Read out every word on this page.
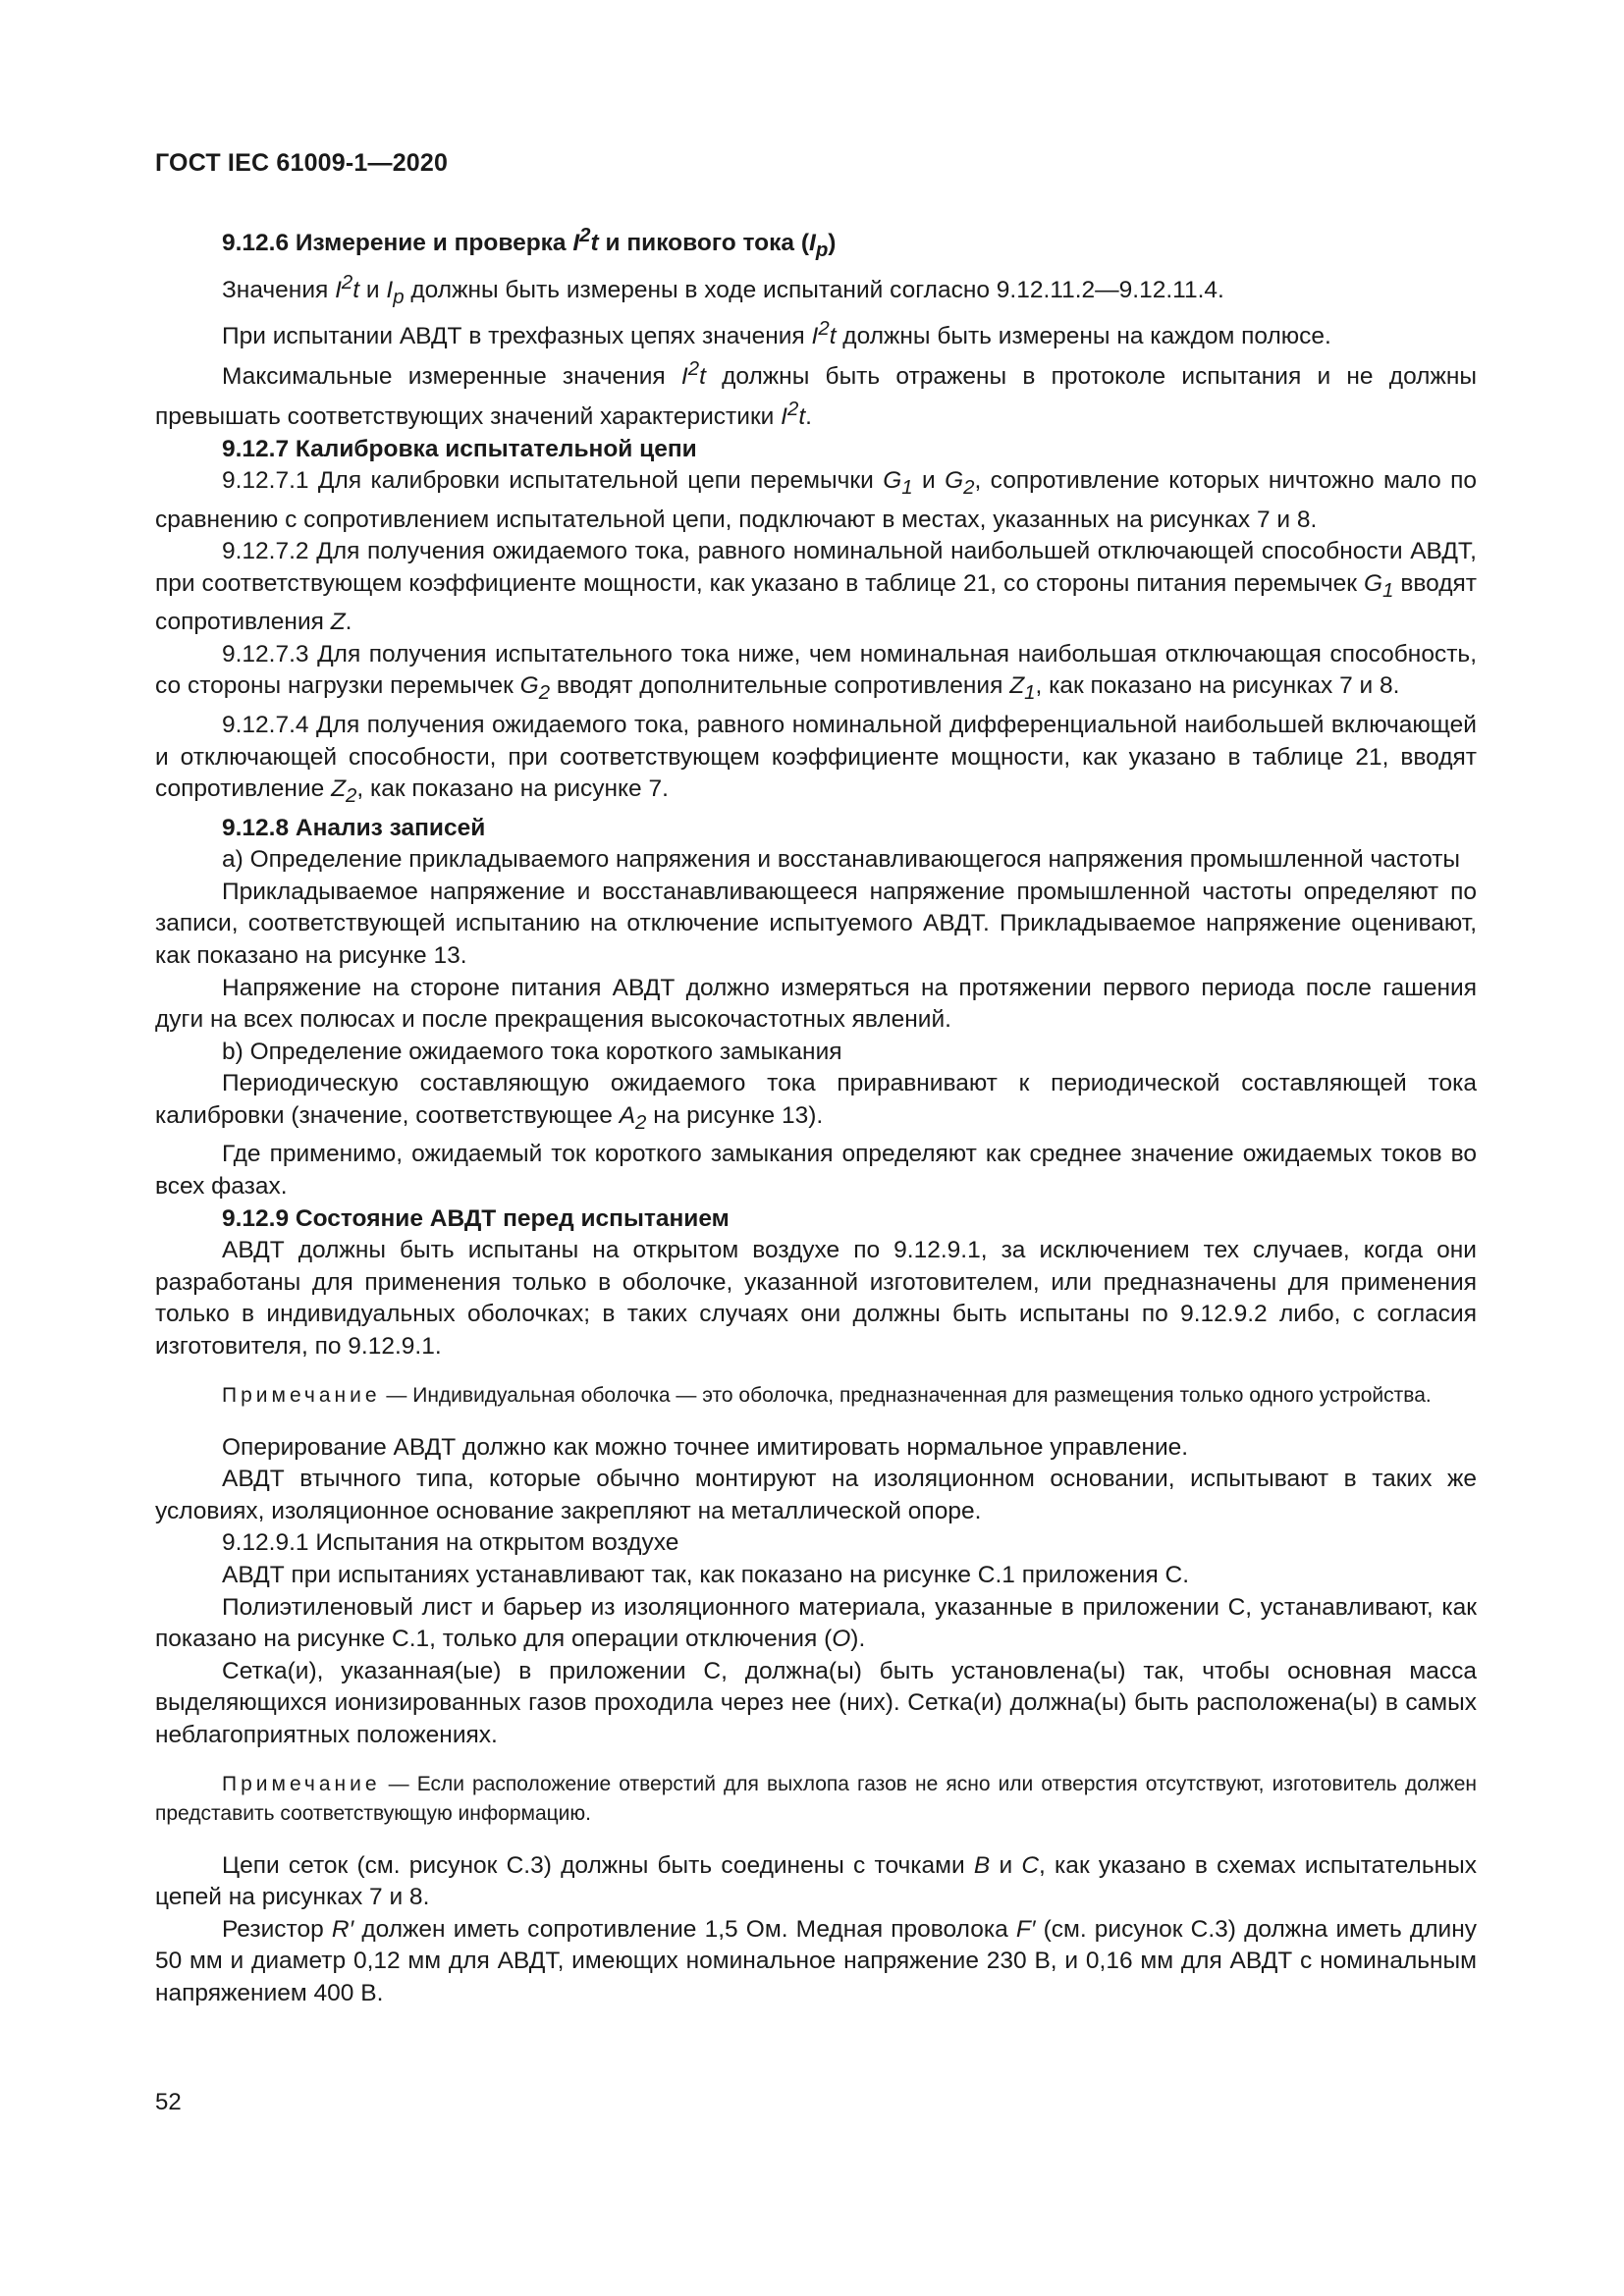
ГОСТ IEC 61009-1—2020

9.12.6 Измерение и проверка $I^2t$ и пикового тока $(I_p)$

Значения $I^2t$ и $I_p$ должны быть измерены в ходе испытаний согласно 9.12.11.2—9.12.11.4.

При испытании АВДТ в трехфазных цепях значения $I^2t$ должны быть измерены на каждом полюсе.

Максимальные измеренные значения $I^2t$ должны быть отражены в протоколе испытания и не должны превышать соответствующих значений характеристики $I^2t$.

9.12.7 Калибровка испытательной цепи

9.12.7.1 Для калибровки испытательной цепи перемычки $G_1$ и $G_2$, сопротивление которых ничтожно мало по сравнению с сопротивлением испытательной цепи, подключают в местах, указанных на рисунках 7 и 8.

9.12.7.2 Для получения ожидаемого тока, равного номинальной наибольшей отключающей способности АВДТ, при соответствующем коэффициенте мощности, как указано в таблице 21, со стороны питания перемычек $G_1$ вводят сопротивления Z.

9.12.7.3 Для получения испытательного тока ниже, чем номинальная наибольшая отключающая способность, со стороны нагрузки перемычек $G_2$ вводят дополнительные сопротивления $Z_1$, как показано на рисунках 7 и 8.

9.12.7.4 Для получения ожидаемого тока, равного номинальной дифференциальной наибольшей включающей и отключающей способности, при соответствующем коэффициенте мощности, как указано в таблице 21, вводят сопротивление $Z_2$, как показано на рисунке 7.

9.12.8 Анализ записей

a) Определение прикладываемого напряжения и восстанавливающегося напряжения промышленной частоты

Прикладываемое напряжение и восстанавливающееся напряжение промышленной частоты определяют по записи, соответствующей испытанию на отключение испытуемого АВДТ. Прикладываемое напряжение оценивают, как показано на рисунке 13.

Напряжение на стороне питания АВДТ должно измеряться на протяжении первого периода после гашения дуги на всех полюсах и после прекращения высокочастотных явлений.

b) Определение ожидаемого тока короткого замыкания

Периодическую составляющую ожидаемого тока приравнивают к периодической составляющей тока калибровки (значение, соответствующее $A_2$ на рисунке 13).

Где применимо, ожидаемый ток короткого замыкания определяют как среднее значение ожидаемых токов во всех фазах.

9.12.9 Состояние АВДТ перед испытанием

АВДТ должны быть испытаны на открытом воздухе по 9.12.9.1, за исключением тех случаев, когда они разработаны для применения только в оболочке, указанной изготовителем, или предназначены для применения только в индивидуальных оболочках; в таких случаях они должны быть испытаны по 9.12.9.2 либо, с согласия изготовителя, по 9.12.9.1.

Примечание — Индивидуальная оболочка — это оболочка, предназначенная для размещения только одного устройства.

Оперирование АВДТ должно как можно точнее имитировать нормальное управление.

АВДТ втычного типа, которые обычно монтируют на изоляционном основании, испытывают в таких же условиях, изоляционное основание закрепляют на металлической опоре.

9.12.9.1 Испытания на открытом воздухе

АВДТ при испытаниях устанавливают так, как показано на рисунке С.1 приложения С.

Полиэтиленовый лист и барьер из изоляционного материала, указанные в приложении С, устанавливают, как показано на рисунке С.1, только для операции отключения (O).

Сетка(и), указанная(ые) в приложении С, должна(ы) быть установлена(ы) так, чтобы основная масса выделяющихся ионизированных газов проходила через нее (них). Сетка(и) должна(ы) быть расположена(ы) в самых неблагоприятных положениях.

Примечание — Если расположение отверстий для выхлопа газов не ясно или отверстия отсутствуют, изготовитель должен представить соответствующую информацию.

Цепи сеток (см. рисунок С.3) должны быть соединены с точками B и C, как указано в схемах испытательных цепей на рисунках 7 и 8.

Резистор R′ должен иметь сопротивление 1,5 Ом. Медная проволока F′ (см. рисунок С.3) должна иметь длину 50 мм и диаметр 0,12 мм для АВДТ, имеющих номинальное напряжение 230 В, и 0,16 мм для АВДТ с номинальным напряжением 400 В.

52
